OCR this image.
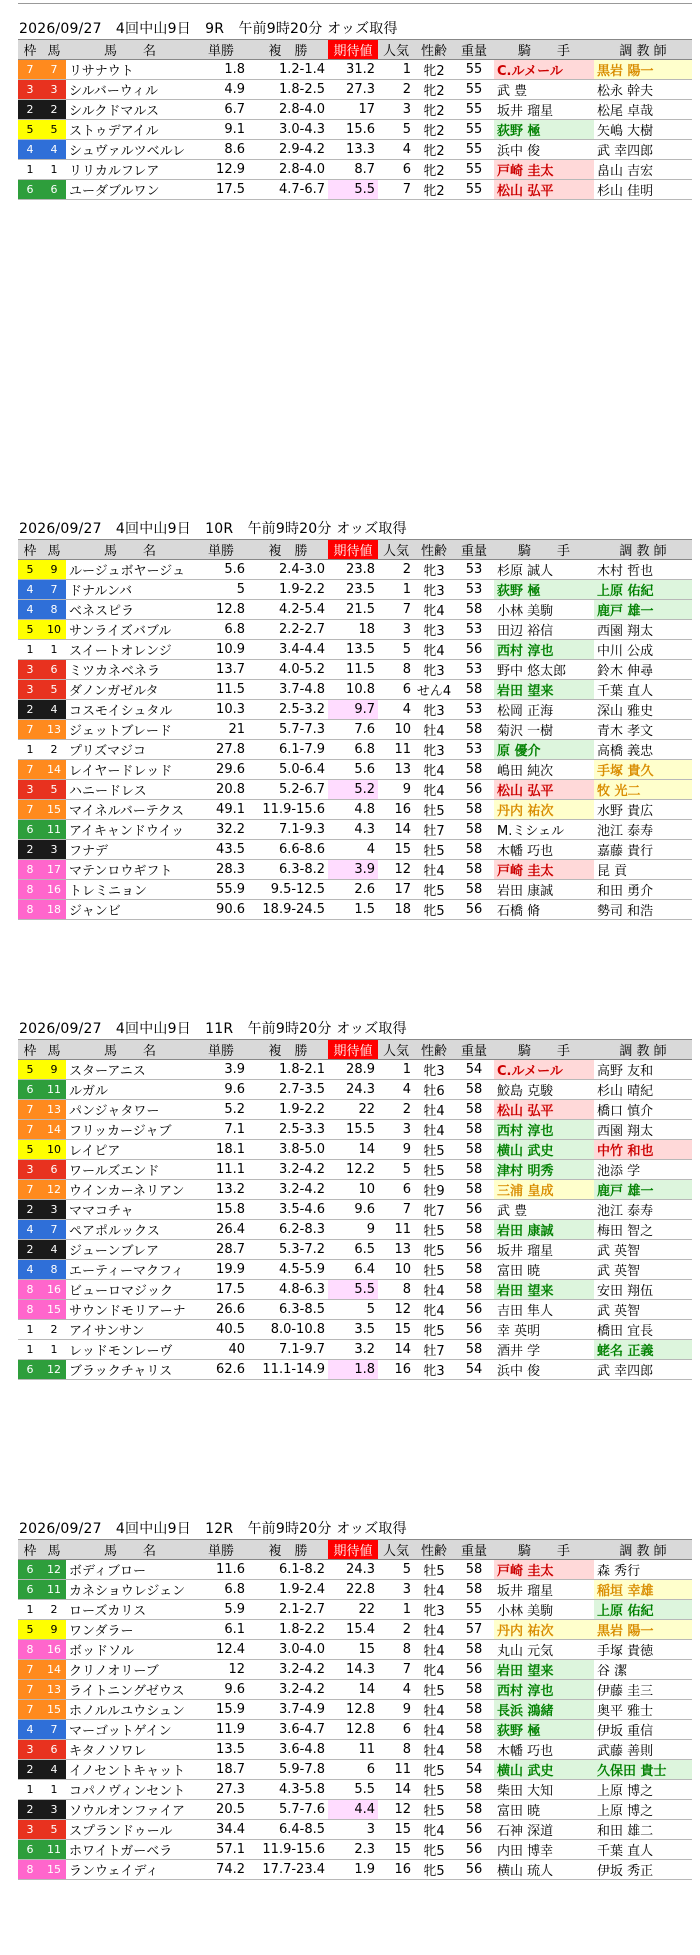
2026/09/27　4回中山9日　9R　午前9時20分 オッズ取得
枠	馬	馬　　名	単勝	複　勝	期待値	人気	性齢	重量	騎　　手	調 教 師
7	7	リサナウト	1.8	1.2-1.4	31.2	1	牝2	55	C.ルメール	黒岩 陽一
3	3	シルバーウィル	4.9	1.8-2.5	27.3	2	牝2	55	武 豊	松永 幹夫
2	2	シルクドマルス	6.7	2.8-4.0	17	3	牝2	55	坂井 瑠星	松尾 卓哉
5	5	ストゥデアイル	9.1	3.0-4.3	15.6	5	牝2	55	荻野 極	矢嶋 大樹
4	4	シュヴァルツベルレ	8.6	2.9-4.2	13.3	4	牝2	55	浜中 俊	武 幸四郎
1	1	リリカルフレア	12.9	2.8-4.0	8.7	6	牝2	55	戸崎 圭太	畠山 吉宏
6	6	ユーダブルワン	17.5	4.7-6.7	5.5	7	牝2	55	松山 弘平	杉山 佳明
2026/09/27　4回中山9日　10R　午前9時20分 オッズ取得
枠	馬	馬　　名	単勝	複　勝	期待値	人気	性齢	重量	騎　　手	調 教 師
5	9	ルージュボヤージュ	5.6	2.4-3.0	23.8	2	牝3	53	杉原 誠人	木村 哲也
4	7	ドナルンバ	5	1.9-2.2	23.5	1	牝3	53	荻野 極	上原 佑紀
4	8	ベネスピラ	12.8	4.2-5.4	21.5	7	牝4	58	小林 美駒	鹿戸 雄一
5	10	サンライズバブル	6.8	2.2-2.7	18	3	牝3	53	田辺 裕信	西園 翔太
1	1	スイートオレンジ	10.9	3.4-4.4	13.5	5	牝4	56	西村 淳也	中川 公成
3	6	ミツカネベネラ	13.7	4.0-5.2	11.5	8	牝3	53	野中 悠太郎	鈴木 伸尋
3	5	ダノンガゼルタ	11.5	3.7-4.8	10.8	6	せん4	58	岩田 望来	千葉 直人
2	4	コスモイシュタル	10.3	2.5-3.2	9.7	4	牝3	53	松岡 正海	深山 雅史
7	13	ジェットブレード	21	5.7-7.3	7.6	10	牡4	58	菊沢 一樹	青木 孝文
1	2	プリズマジコ	27.8	6.1-7.9	6.8	11	牝3	53	原 優介	高橋 義忠
7	14	レイヤードレッド	29.6	5.0-6.4	5.6	13	牝4	58	嶋田 純次	手塚 貴久
3	5	ハニードレス	20.8	5.2-6.7	5.2	9	牝4	56	松山 弘平	牧 光二
7	15	マイネルバーテクス	49.1	11.9-15.6	4.8	16	牡5	58	丹内 祐次	水野 貴広
6	11	アイキャンドウイッ	32.2	7.1-9.3	4.3	14	牡7	58	M.ミシェル	池江 泰寿
2	3	フナデ	43.5	6.6-8.6	4	15	牡5	58	木幡 巧也	嘉藤 貴行
8	17	マテンロウギフト	28.3	6.3-8.2	3.9	12	牡4	58	戸崎 圭太	昆 貢
8	16	トレミニョン	55.9	9.5-12.5	2.6	17	牝5	58	岩田 康誠	和田 勇介
8	18	ジャンビ	90.6	18.9-24.5	1.5	18	牝5	56	石橋 脩	勢司 和浩
2026/09/27　4回中山9日　11R　午前9時20分 オッズ取得
枠	馬	馬　　名	単勝	複　勝	期待値	人気	性齢	重量	騎　　手	調 教 師
5	9	スターアニス	3.9	1.8-2.1	28.9	1	牝3	54	C.ルメール	高野 友和
6	11	ルガル	9.6	2.7-3.5	24.3	4	牡6	58	鮫島 克駿	杉山 晴紀
7	13	パンジャタワー	5.2	1.9-2.2	22	2	牡4	58	松山 弘平	橋口 慎介
7	14	フリッカージャブ	7.1	2.5-3.3	15.5	3	牡4	58	西村 淳也	西園 翔太
5	10	レイピア	18.1	3.8-5.0	14	9	牡5	58	横山 武史	中竹 和也
3	6	ワールズエンド	11.1	3.2-4.2	12.2	5	牡5	58	津村 明秀	池添 学
7	12	ウインカーネリアン	13.2	3.2-4.2	10	6	牡9	58	三浦 皇成	鹿戸 雄一
2	3	ママコチャ	15.8	3.5-4.6	9.6	7	牝7	56	武 豊	池江 泰寿
4	7	ペアポルックス	26.4	6.2-8.3	9	11	牡5	58	岩田 康誠	梅田 智之
2	4	ジューンブレア	28.7	5.3-7.2	6.5	13	牝5	56	坂井 瑠星	武 英智
4	8	エーティーマクフィ	19.9	4.5-5.9	6.4	10	牡5	58	富田 暁	武 英智
8	16	ビューロマジック	17.5	4.8-6.3	5.5	8	牡4	58	岩田 望来	安田 翔伍
8	15	サウンドモリアーナ	26.6	6.3-8.5	5	12	牝4	56	吉田 隼人	武 英智
1	2	アイサンサン	40.5	8.0-10.8	3.5	15	牝5	56	幸 英明	橋田 宜長
1	1	レッドモンレーヴ	40	7.1-9.7	3.2	14	牡7	58	酒井 学	蛯名 正義
6	12	ブラックチャリス	62.6	11.1-14.9	1.8	16	牝3	54	浜中 俊	武 幸四郎
2026/09/27　4回中山9日　12R　午前9時20分 オッズ取得
枠	馬	馬　　名	単勝	複　勝	期待値	人気	性齢	重量	騎　　手	調 教 師
6	12	ボディブロー	11.6	6.1-8.2	24.3	5	牡5	58	戸崎 圭太	森 秀行
6	11	カネショウレジェン	6.8	1.9-2.4	22.8	3	牡4	58	坂井 瑠星	稲垣 幸雄
1	2	ローズカリス	5.9	2.1-2.7	22	1	牝3	55	小林 美駒	上原 佑紀
5	9	ワンダラー	6.1	1.8-2.2	15.4	2	牡4	57	丹内 祐次	黒岩 陽一
8	16	ボッドソル	12.4	3.0-4.0	15	8	牡4	58	丸山 元気	手塚 貴徳
7	14	クリノオリーブ	12	3.2-4.2	14.3	7	牝4	56	岩田 望来	谷 潔
7	13	ライトニングゼウス	9.6	3.2-4.2	14	4	牡5	58	西村 淳也	伊藤 圭三
7	15	ホノルルユウシュン	15.9	3.7-4.9	12.8	9	牡4	58	長浜 鴻緒	奥平 雅士
4	7	マーゴットゲイン	11.9	3.6-4.7	12.8	6	牡4	58	荻野 極	伊坂 重信
3	6	キタノソワレ	13.5	3.6-4.8	11	8	牡4	58	木幡 巧也	武藤 善則
2	4	イノセントキャット	18.7	5.9-7.8	6	11	牝5	54	横山 武史	久保田 貴士
1	1	コパノヴィンセント	27.3	4.3-5.8	5.5	14	牡5	58	柴田 大知	上原 博之
2	3	ソウルオンファイア	20.5	5.7-7.6	4.4	12	牡5	58	富田 暁	上原 博之
3	5	スプランドゥール	34.4	6.4-8.5	3	15	牝4	56	石神 深道	和田 雄二
6	11	ホワイトガーベラ	57.1	11.9-15.6	2.3	15	牝5	56	内田 博幸	千葉 直人
8	15	ランウェイディ	74.2	17.7-23.4	1.9	16	牝5	56	横山 琉人	伊坂 秀正
